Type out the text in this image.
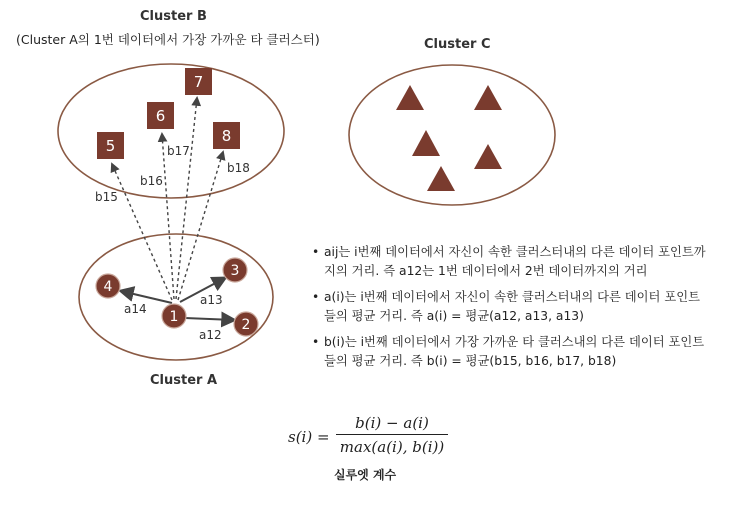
5
6
7
8
1	2
3
4
b15
b16
b17
b18
a12
a13
a14
Cluster B
(Cluster A의 1번 데이터에서 가장 가까운 타 클러스터)	Cluster C
Cluster A
• aij는 i번째 데이터에서 자신이 속한 클러스터내의 다른 데이터 포인트까
지의 거리. 즉 a12는 1번 데이터에서 2번 데이터까지의 거리
• a(i)는 i번째 데이터에서 자신이 속한 클러스터내의 다른 데이터 포인트
들의 평균 거리. 즉 a(i) = 평균(a12, a13, a13)
• b(i)는 i번째 데이터에서 가장 가까운 타 클러스내의 다른 데이터 포인트
들의 평균 거리. 즉 b(i) = 평균(b15, b16, b17, b18)
s(i) =
b(i) − a(i)
max(a(i), b(i))
실루엣 계수
